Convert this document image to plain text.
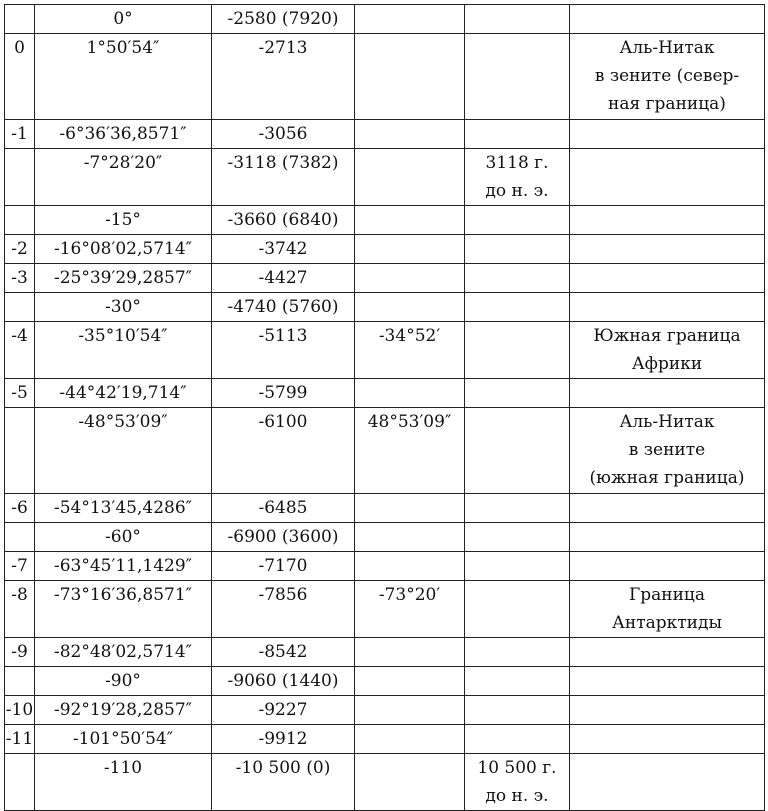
	0°	-2580 (7920)			
0	1°50′54″	-2713			Аль-Нитак
в зените (север-
ная граница)

-1	-6°36′36,8571″	-3056			
	-7°28′20″	-3118 (7382)		3118 г.
до н. э.	

	-15°	-3660 (6840)			
-2	-16°08′02,5714″	-3742			
-3	-25°39′29,2857″	-4427			
	-30°	-4740 (5760)			
-4	-35°10′54″	-5113	-34°52′		Южная граница
Африки

-5	-44°42′19,714″	-5799			
	-48°53′09″	-6100	48°53′09″		Аль-Нитак
в зените
(южная граница)

-6	-54°13′45,4286″	-6485			
	-60°	-6900 (3600)			
-7	-63°45′11,1429″	-7170			
-8	-73°16′36,8571″	-7856	-73°20′		Граница
Антарктиды

-9	-82°48′02,5714″	-8542			
	-90°	-9060 (1440)			
-10	-92°19′28,2857″	-9227			
-11	-101°50′54″	-9912			
	-110	-10 500 (0)		10 500 г.
до н. э.	
